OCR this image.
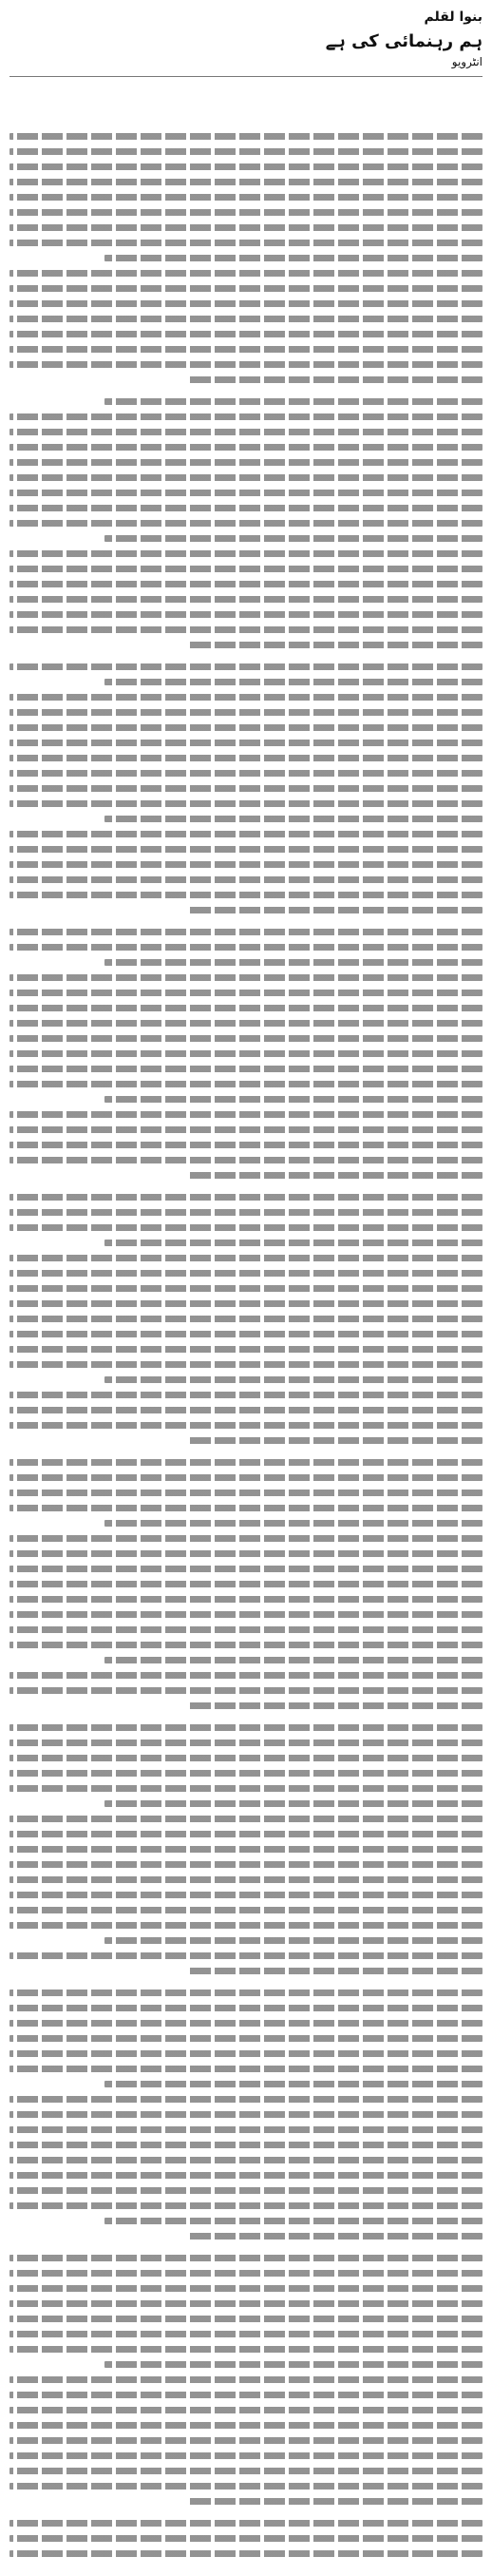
بنوا لقلم
ہم رہنمائی کی ہے
انٹرویو
